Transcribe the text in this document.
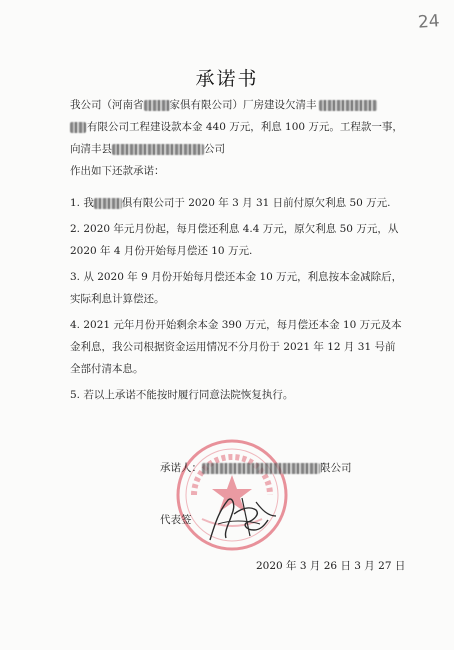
24
承诺书
我公司（河南省 家俱有限公司）厂房建设欠清丰
有限公司工程建设款本金 440 万元，利息 100 万元。工程款一事，
向清丰县	公司
作出如下还款承诺：
1. 我	俱有限公司于 2020 年 3 月 31 日前付原欠利息 50 万元.
2. 2020 年元月份起，每月偿还利息 4.4 万元，原欠利息 50 万元，从
2020 年 4 月份开始每月偿还 10 万元.
3. 从 2020 年 9 月份开始每月偿还本金 10 万元，利息按本金减除后，
实际利息计算偿还。
4. 2021 元年月份开始剩余本金 390 万元，每月偿还本金 10 万元及本
金利息，我公司根据资金运用情况不分月份于 2021 年 12 月 31 号前
全部付清本息。
5. 若以上承诺不能按时履行同意法院恢复执行。
承诺人：	限公司
代表签
2020 年 3 月 26 日 3 月 27 日
